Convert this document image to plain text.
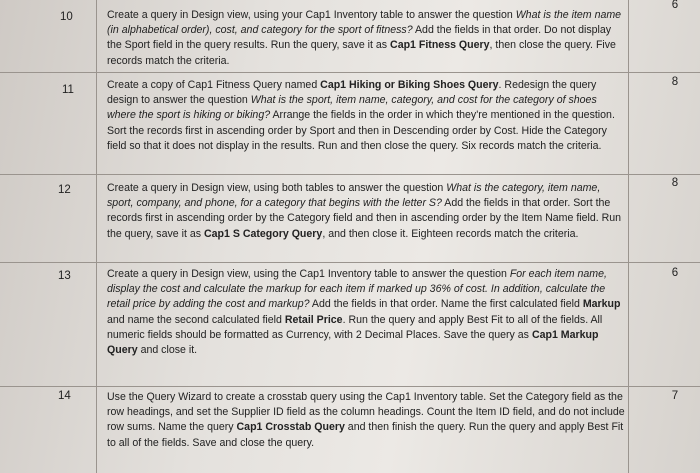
10
6
Create a query in Design view, using your Cap1 Inventory table to answer the question What is the item name (in alphabetical order), cost, and category for the sport of fitness? Add the fields in that order. Do not display the Sport field in the query results. Run the query, save it as Cap1 Fitness Query, then close the query. Five records match the criteria.
11
8
Create a copy of Cap1 Fitness Query named Cap1 Hiking or Biking Shoes Query. Redesign the query design to answer the question What is the sport, item name, category, and cost for the category of shoes where the sport is hiking or biking? Arrange the fields in the order in which they're mentioned in the question. Sort the records first in ascending order by Sport and then in Descending order by Cost. Hide the Category field so that it does not display in the results. Run and then close the query. Six records match the criteria.
12
8
Create a query in Design view, using both tables to answer the question What is the category, item name, sport, company, and phone, for a category that begins with the letter S? Add the fields in that order. Sort the records first in ascending order by the Category field and then in ascending order by the Item Name field. Run the query, save it as Cap1 S Category Query, and then close it. Eighteen records match the criteria.
13	6
Create a query in Design view, using the Cap1 Inventory table to answer the question For each item name, display the cost and calculate the markup for each item if marked up 36% of cost. In addition, calculate the retail price by adding the cost and markup? Add the fields in that order. Name the first calculated field Markup and name the second calculated field Retail Price. Run the query and apply Best Fit to all of the fields. All numeric fields should be formatted as Currency, with 2 Decimal Places. Save the query as Cap1 Markup Query and close it.
14	7
Use the Query Wizard to create a crosstab query using the Cap1 Inventory table. Set the Category field as the row headings, and set the Supplier ID field as the column headings. Count the Item ID field, and do not include row sums. Name the query Cap1 Crosstab Query and then finish the query. Run the query and apply Best Fit to all of the fields. Save and close the query.
